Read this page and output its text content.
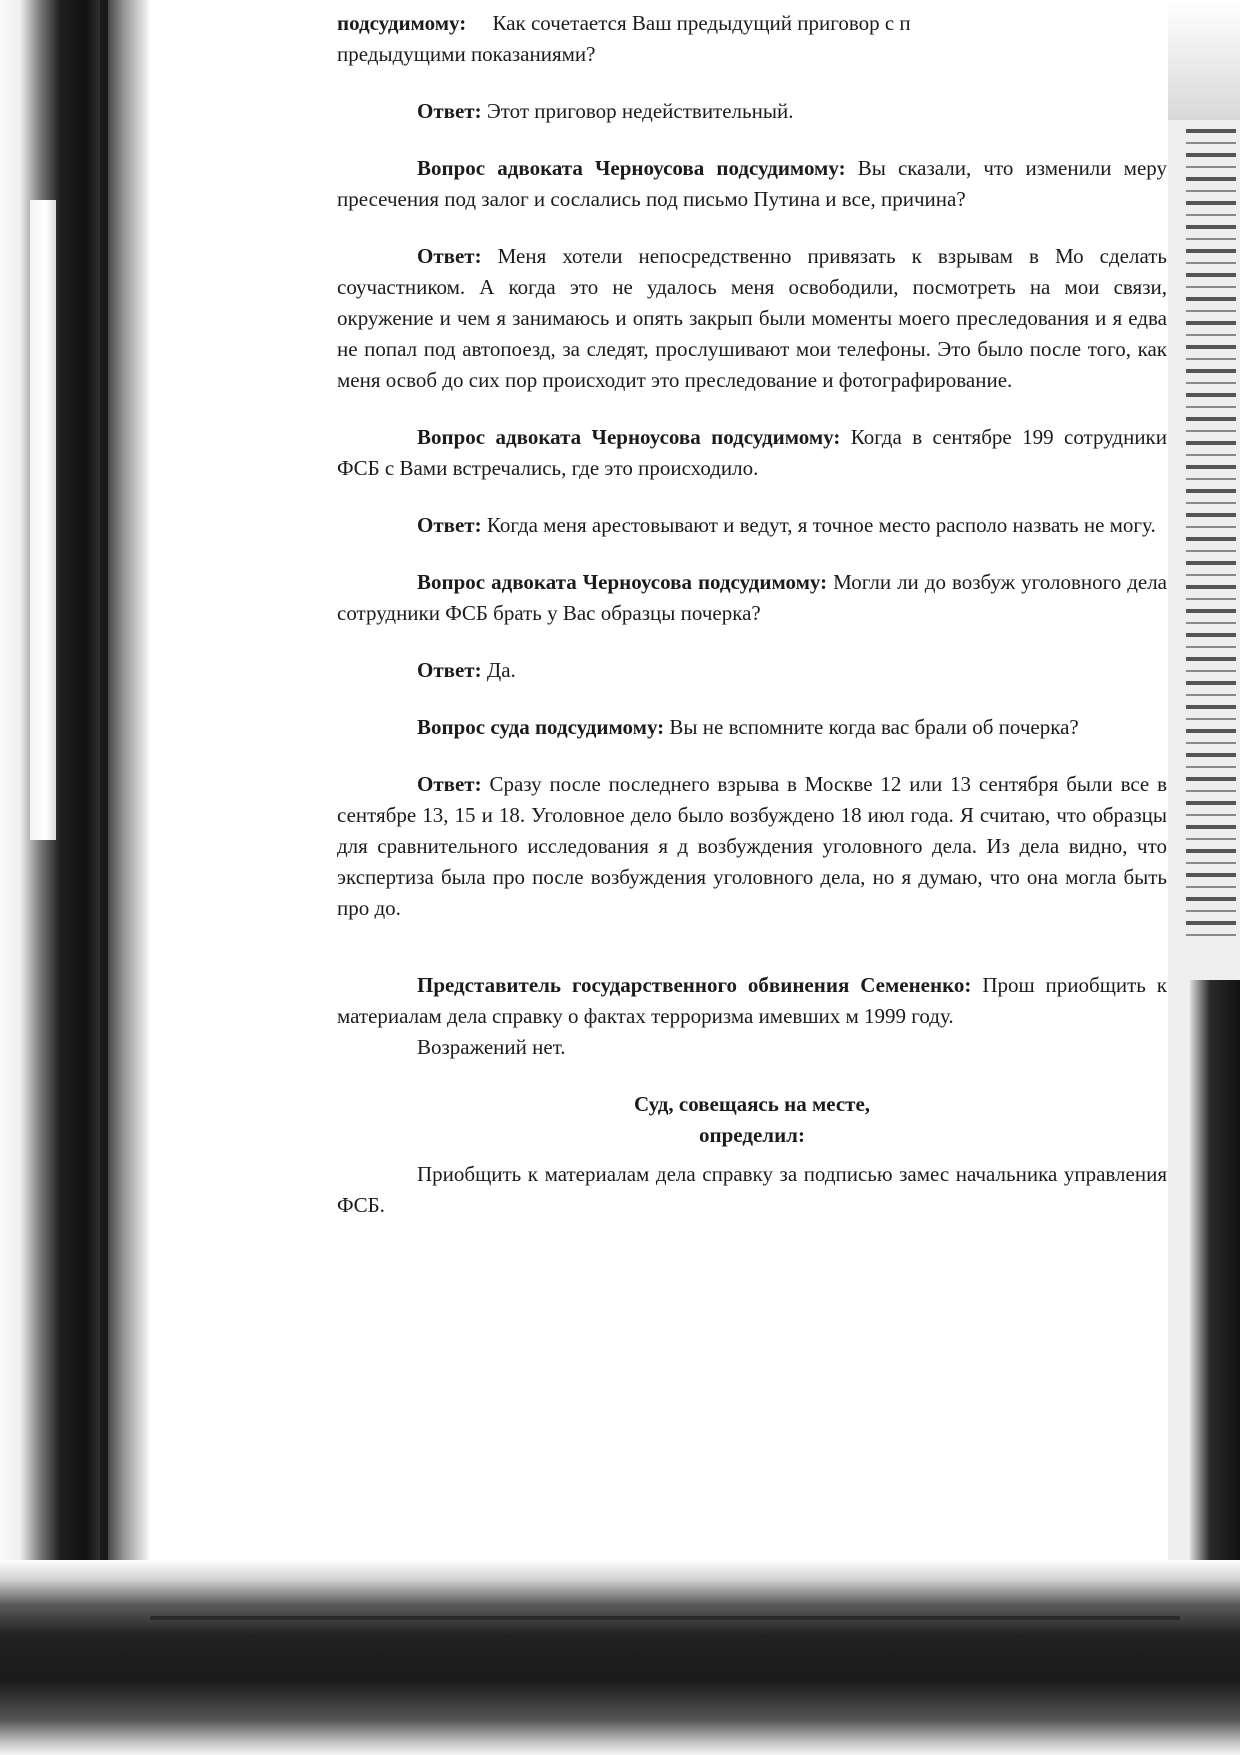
подсудимому: Как сочетается Ваш предыдущий приговор с п
предыдущими показаниями?

Ответ: Этот приговор недействительный.

Вопрос адвоката Черноусова подсудимому: Вы сказали, что изменили меру пресечения под залог и сослались под письмо Путина и все, причина?

Ответ: Меня хотели непосредственно привязать к взрывам в Мо сделать соучастником. А когда это не удалось меня освободили, посмотреть на мои связи, окружение и чем я занимаюсь и опять закрып были моменты моего преследования и я едва не попал под автопоезд, за следят, прослушивают мои телефоны. Это было после того, как меня освоб до сих пор происходит это преследование и фотографирование.

Вопрос адвоката Черноусова подсудимому: Когда в сентябре 199 сотрудники ФСБ с Вами встречались, где это происходило.

Ответ: Когда меня арестовывают и ведут, я точное место располо назвать не могу.

Вопрос адвоката Черноусова подсудимому: Могли ли до возбуж уголовного дела сотрудники ФСБ брать у Вас образцы почерка?

Ответ: Да.

Вопрос суда подсудимому: Вы не вспомните когда вас брали об почерка?

Ответ: Сразу после последнего взрыва в Москве 12 или 13 сентября были все в сентябре 13, 15 и 18. Уголовное дело было возбуждено 18 июл года. Я считаю, что образцы для сравнительного исследования я д возбуждения уголовного дела. Из дела видно, что экспертиза была про после возбуждения уголовного дела, но я думаю, что она могла быть про до.

Представитель государственного обвинения Семененко: Прош приобщить к материалам дела справку о фактах терроризма имевших м 1999 году.

Возражений нет.

Суд, совещаясь на месте,
определил:

Приобщить к материалам дела справку за подписью замес начальника управления ФСБ.
